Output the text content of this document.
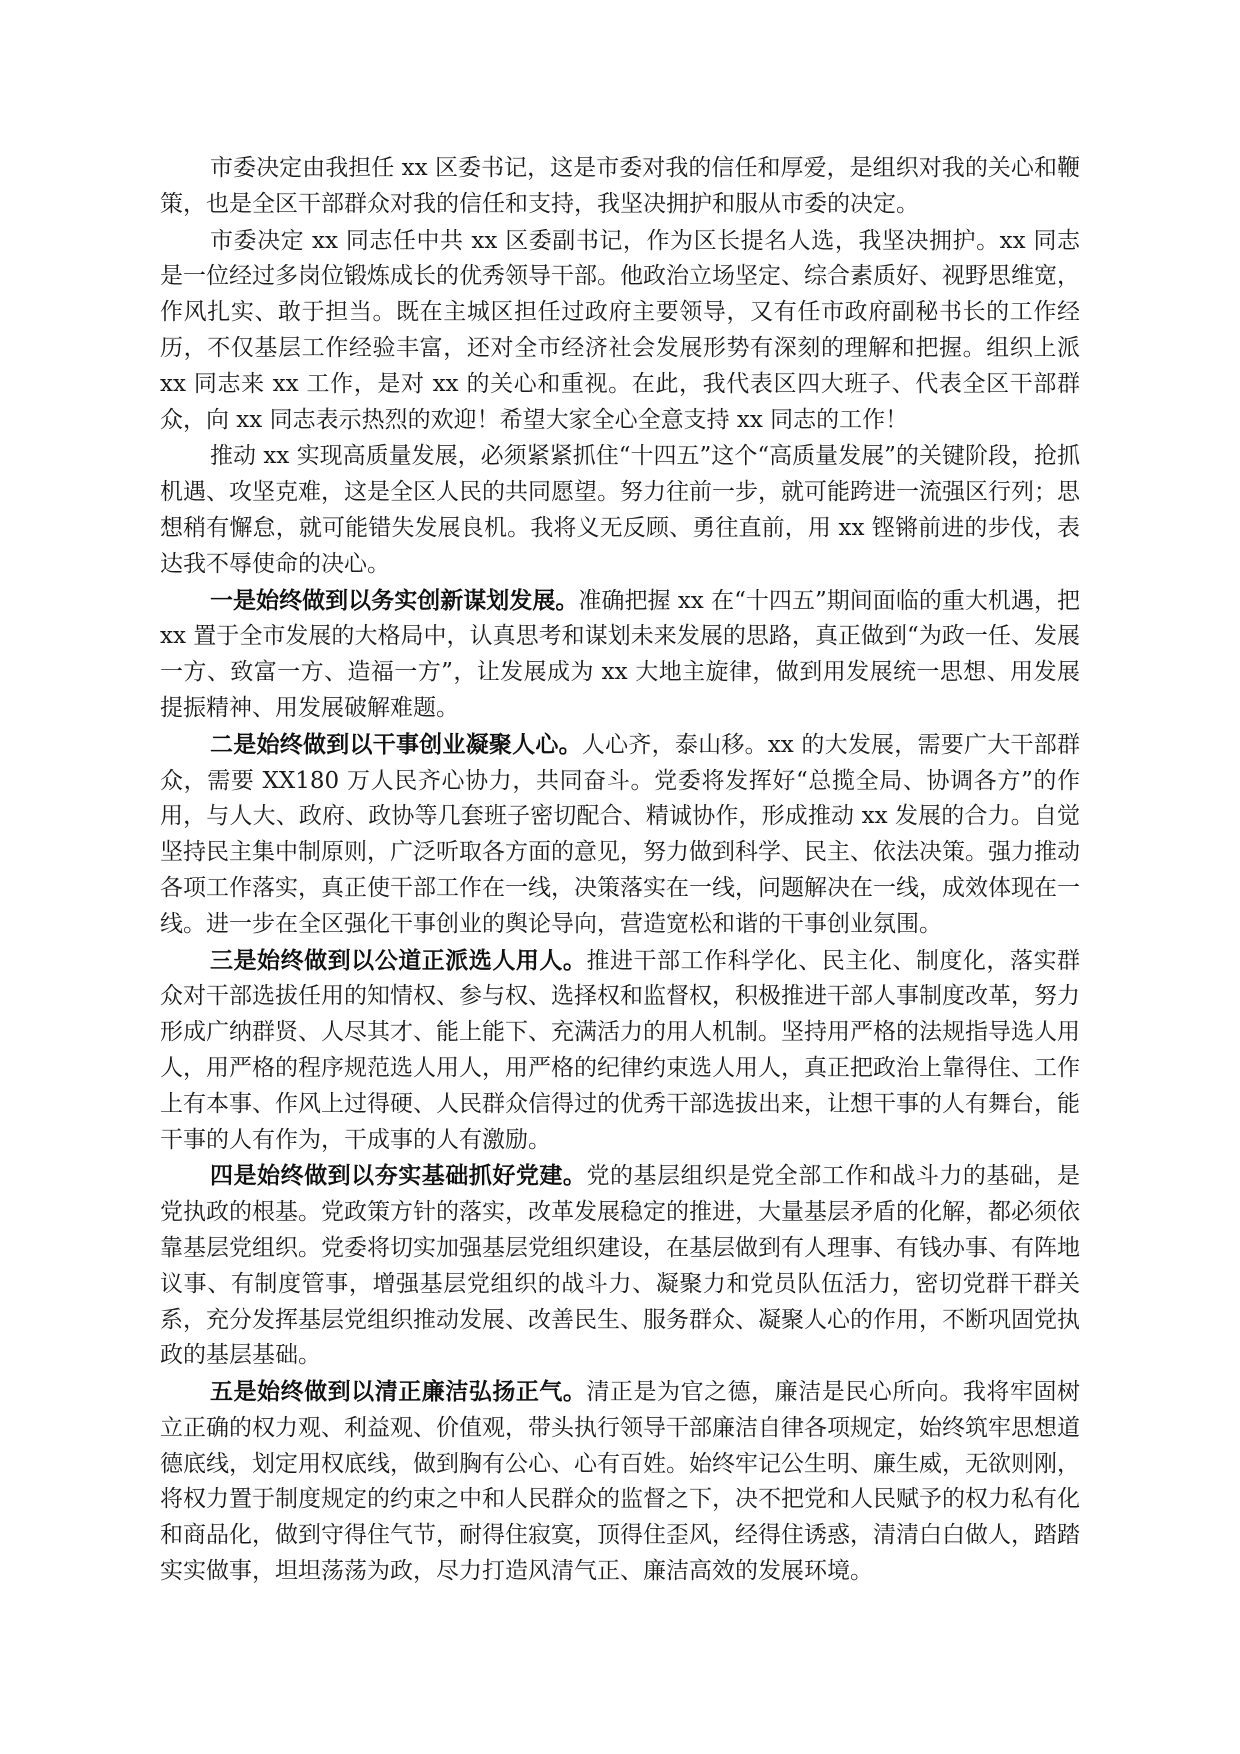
市委决定由我担任 xx 区委书记，这是市委对我的信任和厚爱，是组织对我的关心和鞭策，也是全区干部群众对我的信任和支持，我坚决拥护和服从市委的决定。

市委决定 xx 同志任中共 xx 区委副书记，作为区长提名人选，我坚决拥护。xx 同志是一位经过多岗位锻炼成长的优秀领导干部。他政治立场坚定、综合素质好、视野思维宽，作风扎实、敢于担当。既在主城区担任过政府主要领导，又有任市政府副秘书长的工作经历，不仅基层工作经验丰富，还对全市经济社会发展形势有深刻的理解和把握。组织上派 xx 同志来 xx 工作，是对 xx 的关心和重视。在此，我代表区四大班子、代表全区干部群众，向 xx 同志表示热烈的欢迎！希望大家全心全意支持 xx 同志的工作！

推动 xx 实现高质量发展，必须紧紧抓住“十四五”这个“高质量发展”的关键阶段，抢抓机遇、攻坚克难，这是全区人民的共同愿望。努力往前一步，就可能跨进一流强区行列；思想稍有懈怠，就可能错失发展良机。我将义无反顾、勇往直前，用 xx 铿锵前进的步伐，表达我不辱使命的决心。

一是始终做到以务实创新谋划发展。准确把握 xx 在“十四五”期间面临的重大机遇，把 xx 置于全市发展的大格局中，认真思考和谋划未来发展的思路，真正做到“为政一任、发展一方、致富一方、造福一方”，让发展成为 xx 大地主旋律，做到用发展统一思想、用发展提振精神、用发展破解难题。

二是始终做到以干事创业凝聚人心。人心齐，泰山移。xx 的大发展，需要广大干部群众，需要 XX180 万人民齐心协力，共同奋斗。党委将发挥好“总揽全局、协调各方”的作用，与人大、政府、政协等几套班子密切配合、精诚协作，形成推动 xx 发展的合力。自觉坚持民主集中制原则，广泛听取各方面的意见，努力做到科学、民主、依法决策。强力推动各项工作落实，真正使干部工作在一线，决策落实在一线，问题解决在一线，成效体现在一线。进一步在全区强化干事创业的舆论导向，营造宽松和谐的干事创业氛围。

三是始终做到以公道正派选人用人。推进干部工作科学化、民主化、制度化，落实群众对干部选拔任用的知情权、参与权、选择权和监督权，积极推进干部人事制度改革，努力形成广纳群贤、人尽其才、能上能下、充满活力的用人机制。坚持用严格的法规指导选人用人，用严格的程序规范选人用人，用严格的纪律约束选人用人，真正把政治上靠得住、工作上有本事、作风上过得硬、人民群众信得过的优秀干部选拔出来，让想干事的人有舞台，能干事的人有作为，干成事的人有激励。

四是始终做到以夯实基础抓好党建。党的基层组织是党全部工作和战斗力的基础，是党执政的根基。党政策方针的落实，改革发展稳定的推进，大量基层矛盾的化解，都必须依靠基层党组织。党委将切实加强基层党组织建设，在基层做到有人理事、有钱办事、有阵地议事、有制度管事，增强基层党组织的战斗力、凝聚力和党员队伍活力，密切党群干群关系，充分发挥基层党组织推动发展、改善民生、服务群众、凝聚人心的作用，不断巩固党执政的基层基础。

五是始终做到以清正廉洁弘扬正气。清正是为官之德，廉洁是民心所向。我将牢固树立正确的权力观、利益观、价值观，带头执行领导干部廉洁自律各项规定，始终筑牢思想道德底线，划定用权底线，做到胸有公心、心有百姓。始终牢记公生明、廉生威，无欲则刚，将权力置于制度规定的约束之中和人民群众的监督之下，决不把党和人民赋予的权力私有化和商品化，做到守得住气节，耐得住寂寞，顶得住歪风，经得住诱惑，清清白白做人，踏踏实实做事，坦坦荡荡为政，尽力打造风清气正、廉洁高效的发展环境。
